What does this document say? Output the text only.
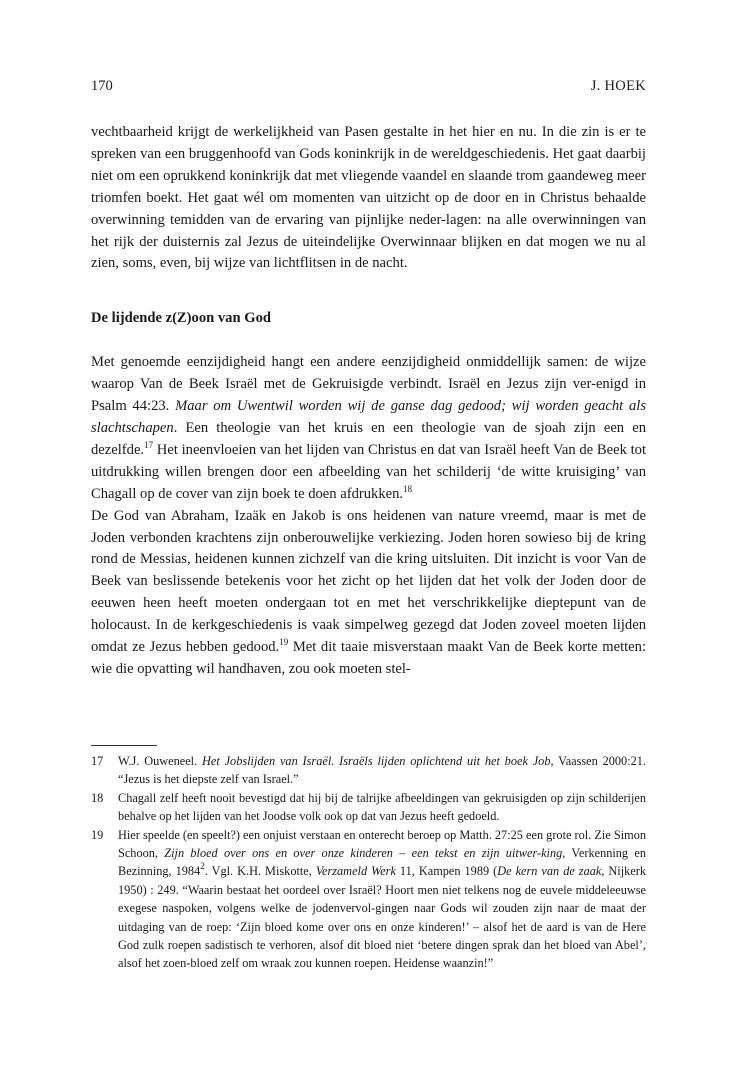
170	J. HOEK

vechtbaarheid krijgt de werkelijkheid van Pasen gestalte in het hier en nu. In die zin is er te spreken van een bruggenhoofd van Gods koninkrijk in de wereldgeschiedenis. Het gaat daarbij niet om een oprukkend koninkrijk dat met vliegende vaandel en slaande trom gaandeweg meer triomfen boekt. Het gaat wél om momenten van uitzicht op de door en in Christus behaalde overwinning temidden van de ervaring van pijnlijke neder-lagen: na alle overwinningen van het rijk der duisternis zal Jezus de uiteindelijke Overwinnaar blijken en dat mogen we nu al zien, soms, even, bij wijze van lichtflitsen in de nacht.

De lijdende z(Z)oon van God

Met genoemde eenzijdigheid hangt een andere eenzijdigheid onmiddellijk samen: de wijze waarop Van de Beek Israël met de Gekruisigde verbindt. Israël en Jezus zijn ver-enigd in Psalm 44:23. Maar om Uwentwil worden wij de ganse dag gedood; wij worden geacht als slachtschapen. Een theologie van het kruis en een theologie van de sjoah zijn een en dezelfde.$^{17}$ Het ineenvloeien van het lijden van Christus en dat van Israël heeft Van de Beek tot uitdrukking willen brengen door een afbeelding van het schilderij ‘de witte kruisiging’ van Chagall op de cover van zijn boek te doen afdrukken.$^{18}$

De God van Abraham, Izaäk en Jakob is ons heidenen van nature vreemd, maar is met de Joden verbonden krachtens zijn onberouwelijke verkiezing. Joden horen sowieso bij de kring rond de Messias, heidenen kunnen zichzelf van die kring uitsluiten. Dit inzicht is voor Van de Beek van beslissende betekenis voor het zicht op het lijden dat het volk der Joden door de eeuwen heen heeft moeten ondergaan tot en met het verschrikkelijke dieptepunt van de holocaust. In de kerkgeschiedenis is vaak simpelweg gezegd dat Joden zoveel moeten lijden omdat ze Jezus hebben gedood.$^{19}$ Met dit taaie misverstaan maakt Van de Beek korte metten: wie die opvatting wil handhaven, zou ook moeten stel-

17	W.J. Ouweneel. Het Jobslijden van Israël. Israëls lijden oplichtend uit het boek Job, Vaassen 2000:21. “Jezus is het diepste zelf van Israel.”
18	Chagall zelf heeft nooit bevestigd dat hij bij de talrijke afbeeldingen van gekruisigden op zijn schilderijen behalve op het lijden van het Joodse volk ook op dat van Jezus heeft gedoeld.
19	Hier speelde (en speelt?) een onjuist verstaan en onterecht beroep op Matth. 27:25 een grote rol. Zie Simon Schoon, Zijn bloed over ons en over onze kinderen – een tekst en zijn uitwer-king, Verkenning en Bezinning, 1984$^2$. Vgl. K.H. Miskotte, Verzameld Werk 11, Kampen 1989 (De kern van de zaak, Nijkerk 1950) : 249. “Waarin bestaat het oordeel over Israël? Hoort men niet telkens nog de euvele middeleeuwse exegese naspoken, volgens welke de jodenvervol-gingen naar Gods wil zouden zijn naar de maat der uitdaging van de roep: ‘Zijn bloed kome over ons en onze kinderen!’ – alsof het de aard is van de Here God zulk roepen sadistisch te verhoren, alsof dit bloed niet ‘betere dingen sprak dan het bloed van Abel’, alsof het zoen-bloed zelf om wraak zou kunnen roepen. Heidense waanzin!”
